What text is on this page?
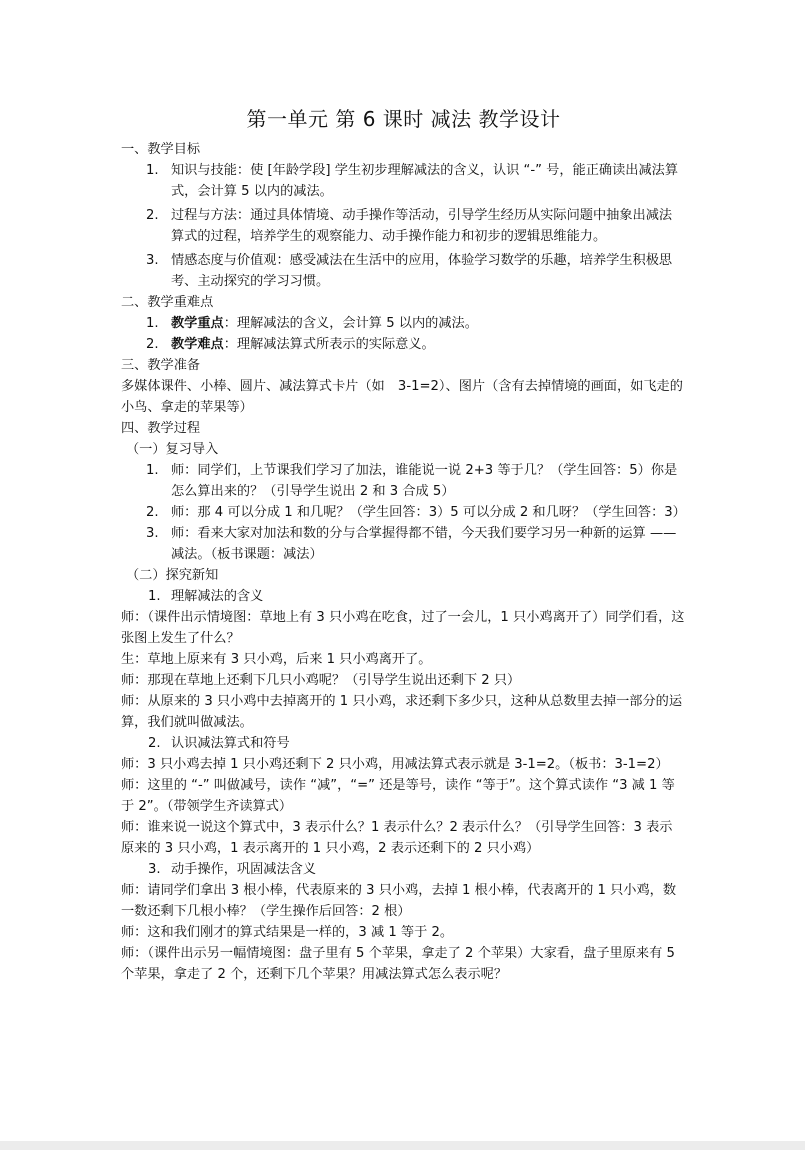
第一单元 第 6 课时 减法 教学设计

一、教学目标

1. 知识与技能：使 [年龄学段] 学生初步理解减法的含义，认识 “-” 号，能正确读出减法算式，会计算 5 以内的减法。
2. 过程与方法：通过具体情境、动手操作等活动，引导学生经历从实际问题中抽象出减法算式的过程，培养学生的观察能力、动手操作能力和初步的逻辑思维能力。
3. 情感态度与价值观：感受减法在生活中的应用，体验学习数学的乐趣，培养学生积极思考、主动探究的学习习惯。

二、教学重难点

1. 教学重点：理解减法的含义，会计算 5 以内的减法。
2. 教学难点：理解减法算式所表示的实际意义。

三、教学准备

多媒体课件、小棒、圆片、减法算式卡片（如　3-1=2）、图片（含有去掉情境的画面，如飞走的小鸟、拿走的苹果等）

四、教学过程

（一）复习导入

1. 师：同学们，上节课我们学习了加法，谁能说一说 2+3 等于几？（学生回答：5）你是怎么算出来的？（引导学生说出 2 和 3 合成 5）
2. 师：那 4 可以分成 1 和几呢？（学生回答：3）5 可以分成 2 和几呀？（学生回答：3）
3. 师：看来大家对加法和数的分与合掌握得都不错，今天我们要学习另一种新的运算 —— 减法。（板书课题：减法）

（二）探究新知

1. 理解减法的含义

师：（课件出示情境图：草地上有 3 只小鸡在吃食，过了一会儿，1 只小鸡离开了）同学们看，这张图上发生了什么？

生：草地上原来有 3 只小鸡，后来 1 只小鸡离开了。

师：那现在草地上还剩下几只小鸡呢？（引导学生说出还剩下 2 只）

师：从原来的 3 只小鸡中去掉离开的 1 只小鸡，求还剩下多少只，这种从总数里去掉一部分的运算，我们就叫做减法。

2. 认识减法算式和符号

师：3 只小鸡去掉 1 只小鸡还剩下 2 只小鸡，用减法算式表示就是 3-1=2。（板书：3-1=2）

师：这里的 “-” 叫做减号，读作 “减”，“=” 还是等号，读作 “等于”。这个算式读作 “3 减 1 等于 2”。（带领学生齐读算式）

师：谁来说一说这个算式中，3 表示什么？1 表示什么？2 表示什么？（引导学生回答：3 表示原来的 3 只小鸡，1 表示离开的 1 只小鸡，2 表示还剩下的 2 只小鸡）

3. 动手操作，巩固减法含义

师：请同学们拿出 3 根小棒，代表原来的 3 只小鸡，去掉 1 根小棒，代表离开的 1 只小鸡，数一数还剩下几根小棒？（学生操作后回答：2 根）

师：这和我们刚才的算式结果是一样的，3 减 1 等于 2。

师：（课件出示另一幅情境图：盘子里有 5 个苹果，拿走了 2 个苹果）大家看，盘子里原来有 5 个苹果，拿走了 2 个，还剩下几个苹果？用减法算式怎么表示呢？
